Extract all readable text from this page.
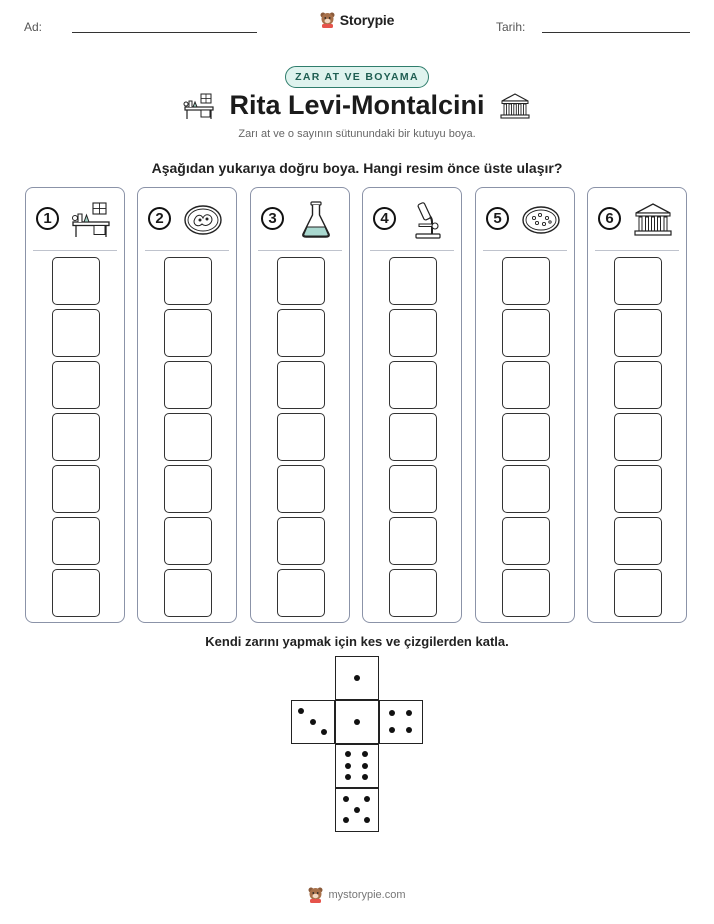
Ad:	Storypie	Tarih:
ZAR AT VE BOYAMA
Rita Levi-Montalcini
Zarı at ve o sayının sütunundaki bir kutuyu boya.
Aşağıdan yukarıya doğru boya. Hangi resim önce üste ulaşır?
1	2	3	4	5	6
Kendi zarını yapmak için kes ve çizgilerden katla.
mystorypie.com
